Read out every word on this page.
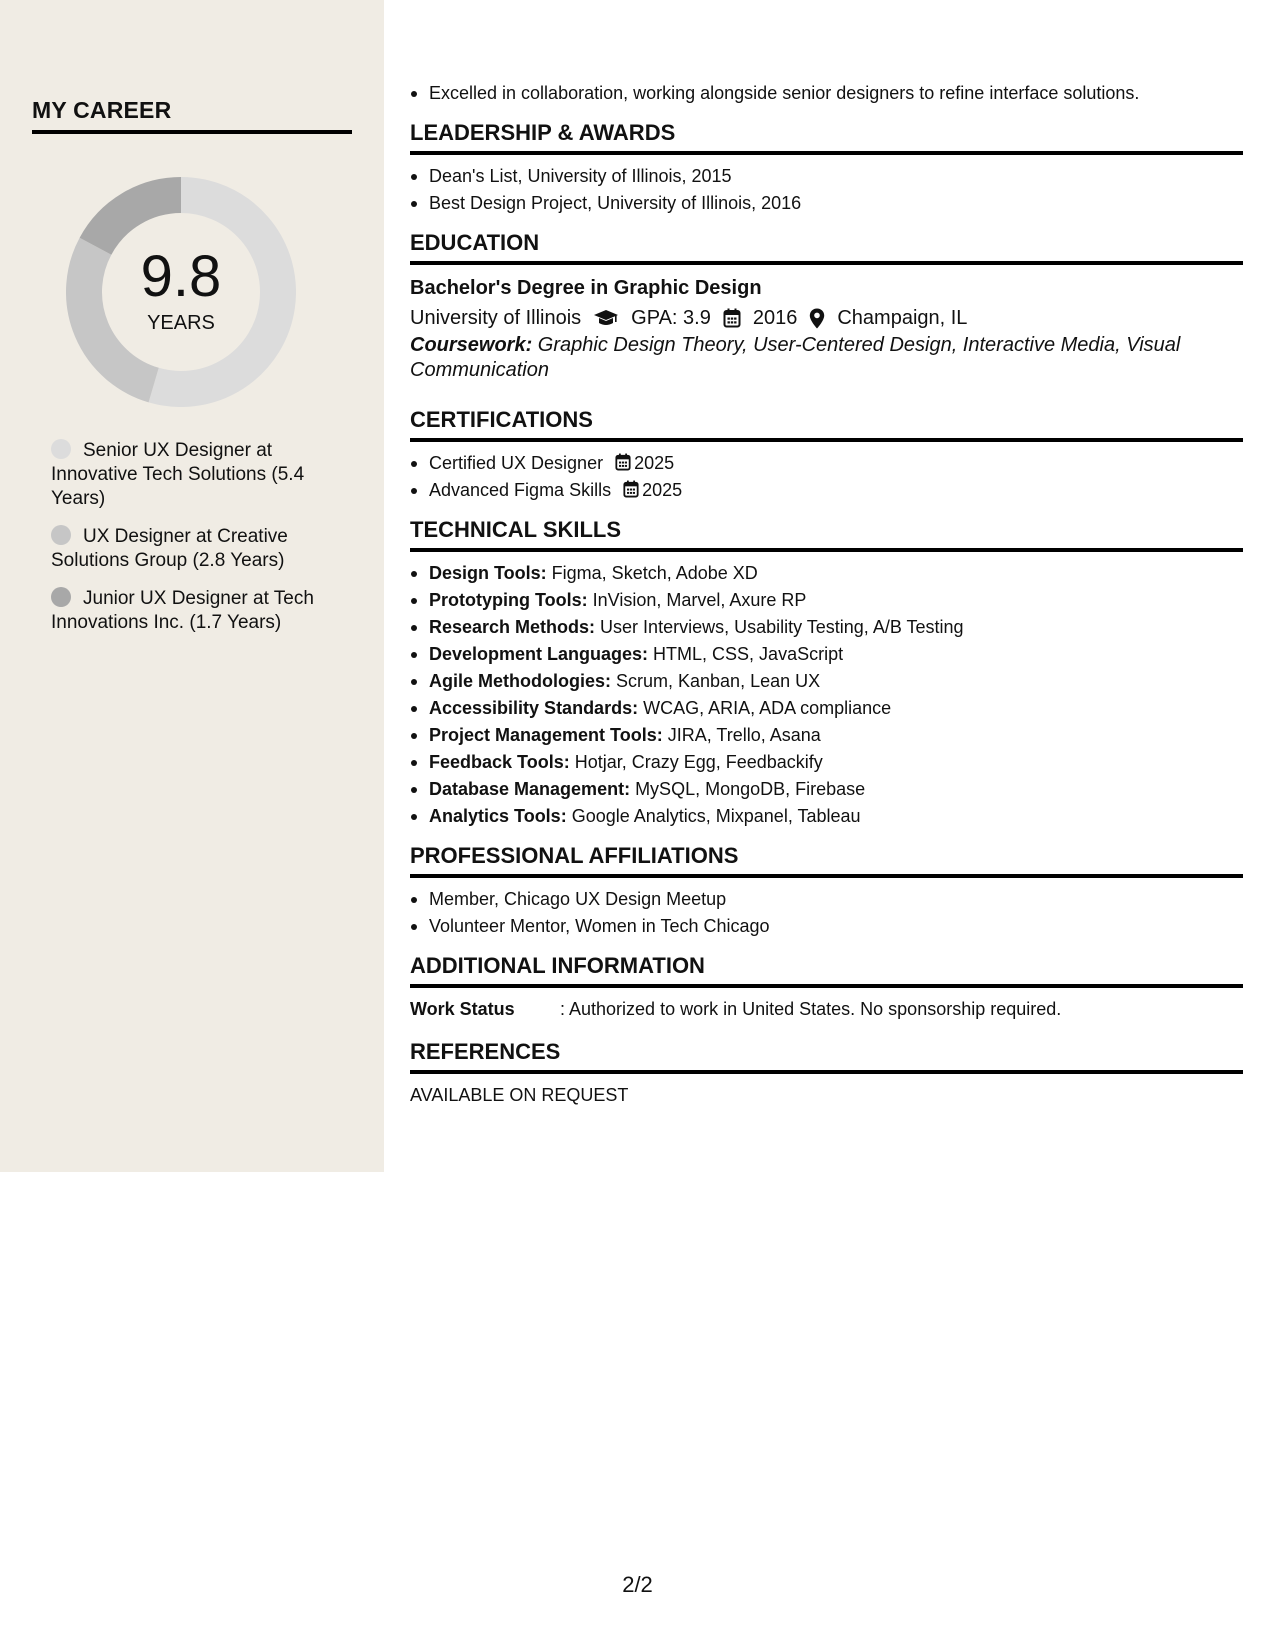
MY CAREER
9.8
YEARS
Senior UX Designer at Innovative Tech Solutions (5.4 Years)
UX Designer at Creative Solutions Group (2.8 Years)
Junior UX Designer at Tech Innovations Inc. (1.7 Years)
Excelled in collaboration, working alongside senior designers to refine interface solutions.
LEADERSHIP & AWARDS
Dean's List, University of Illinois, 2015
Best Design Project, University of Illinois, 2016
EDUCATION
Bachelor's Degree in Graphic Design
University of Illinois	GPA: 3.9 2016 Champaign, IL
Coursework: Graphic Design Theory, User-Centered Design, Interactive Media, Visual Communication
CERTIFICATIONS
Certified UX Designer 2025
Advanced Figma Skills 2025
TECHNICAL SKILLS
Design Tools: Figma, Sketch, Adobe XD
Prototyping Tools: InVision, Marvel, Axure RP
Research Methods: User Interviews, Usability Testing, A/B Testing
Development Languages: HTML, CSS, JavaScript
Agile Methodologies: Scrum, Kanban, Lean UX
Accessibility Standards: WCAG, ARIA, ADA compliance
Project Management Tools: JIRA, Trello, Asana
Feedback Tools: Hotjar, Crazy Egg, Feedbackify
Database Management: MySQL, MongoDB, Firebase
Analytics Tools: Google Analytics, Mixpanel, Tableau
PROFESSIONAL AFFILIATIONS
Member, Chicago UX Design Meetup
Volunteer Mentor, Women in Tech Chicago
ADDITIONAL INFORMATION
Work Status	: Authorized to work in United States. No sponsorship required.
REFERENCES
AVAILABLE ON REQUEST
2/2
